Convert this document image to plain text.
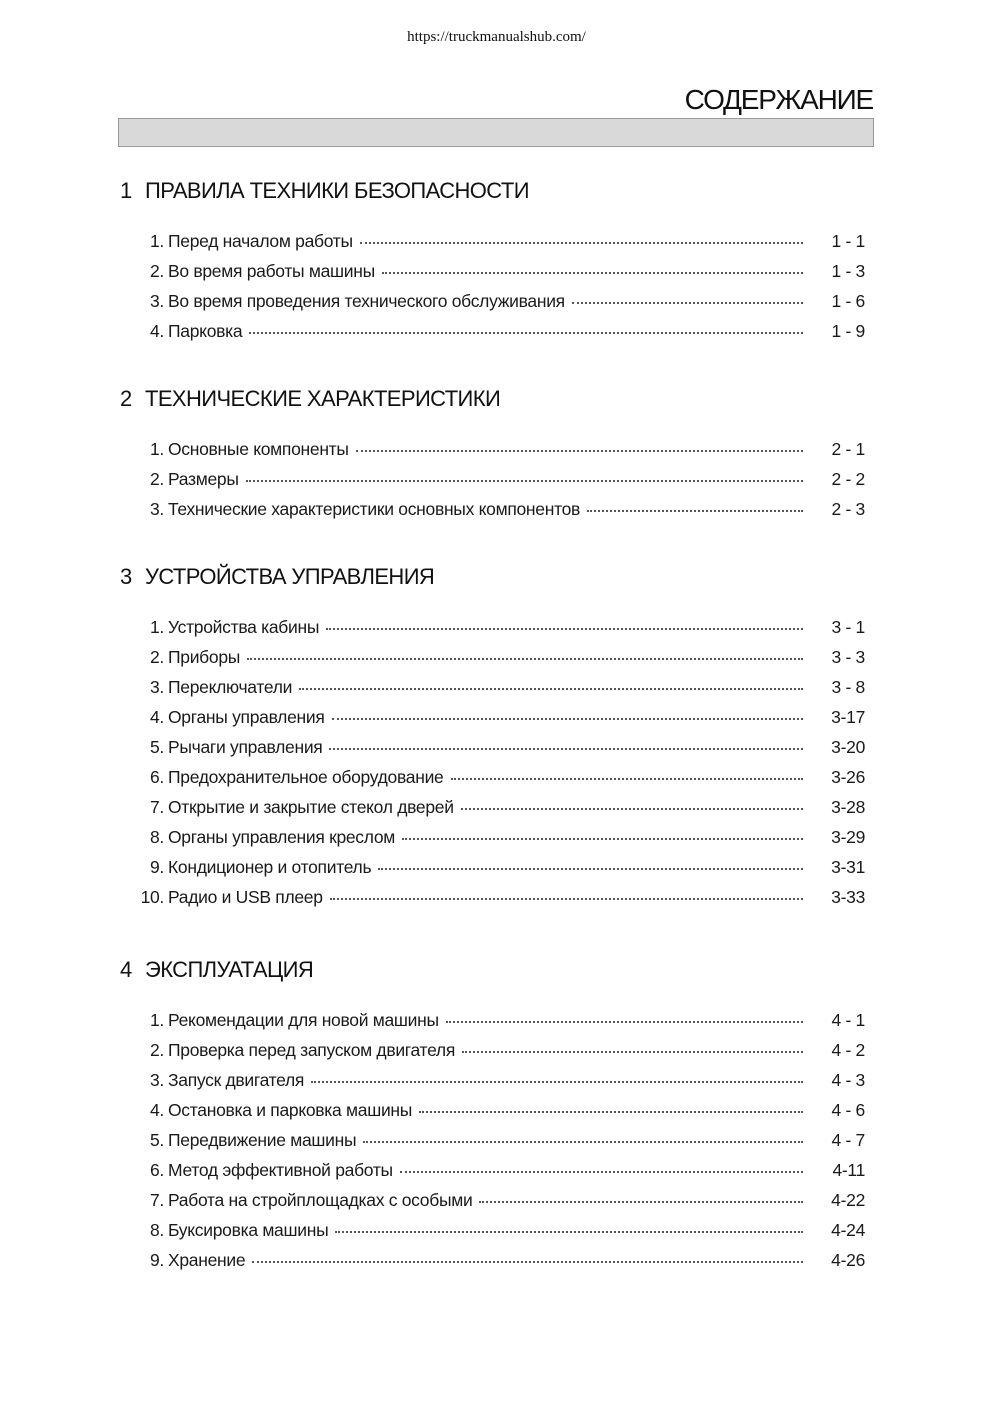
https://truckmanualshub.com/
СОДЕРЖАНИЕ
1 ПРАВИЛА ТЕХНИКИ БЕЗОПАСНОСТИ
1. Перед началом работы	1 - 1
2. Во время работы машины	1 - 3
3. Во время проведения технического обслуживания	1 - 6
4. Парковка	1 - 9
2 ТЕХНИЧЕСКИЕ ХАРАКТЕРИСТИКИ
1. Основные компоненты	2 - 1
2. Размеры	2 - 2
3. Технические характеристики основных компонентов	2 - 3
3 УСТРОЙСТВА УПРАВЛЕНИЯ
1. Устройства кабины	3 - 1
2. Приборы	3 - 3
3. Переключатели	3 - 8
4. Органы управления	3-17
5. Рычаги управления	3-20
6. Предохранительное оборудование	3-26
7. Открытие и закрытие стекол дверей	3-28
8. Органы управления креслом	3-29
9. Кондиционер и отопитель	3-31
10. Радио и USB плеер	3-33
4 ЭКСПЛУАТАЦИЯ
1. Рекомендации для новой машины	4 - 1
2. Проверка перед запуском двигателя	4 - 2
3. Запуск двигателя	4 - 3
4. Остановка и парковка машины	4 - 6
5. Передвижение машины	4 - 7
6. Метод эффективной работы	4-11
7. Работа на стройплощадках с особыми	4-22
8. Буксировка машины	4-24
9. Хранение	4-26
